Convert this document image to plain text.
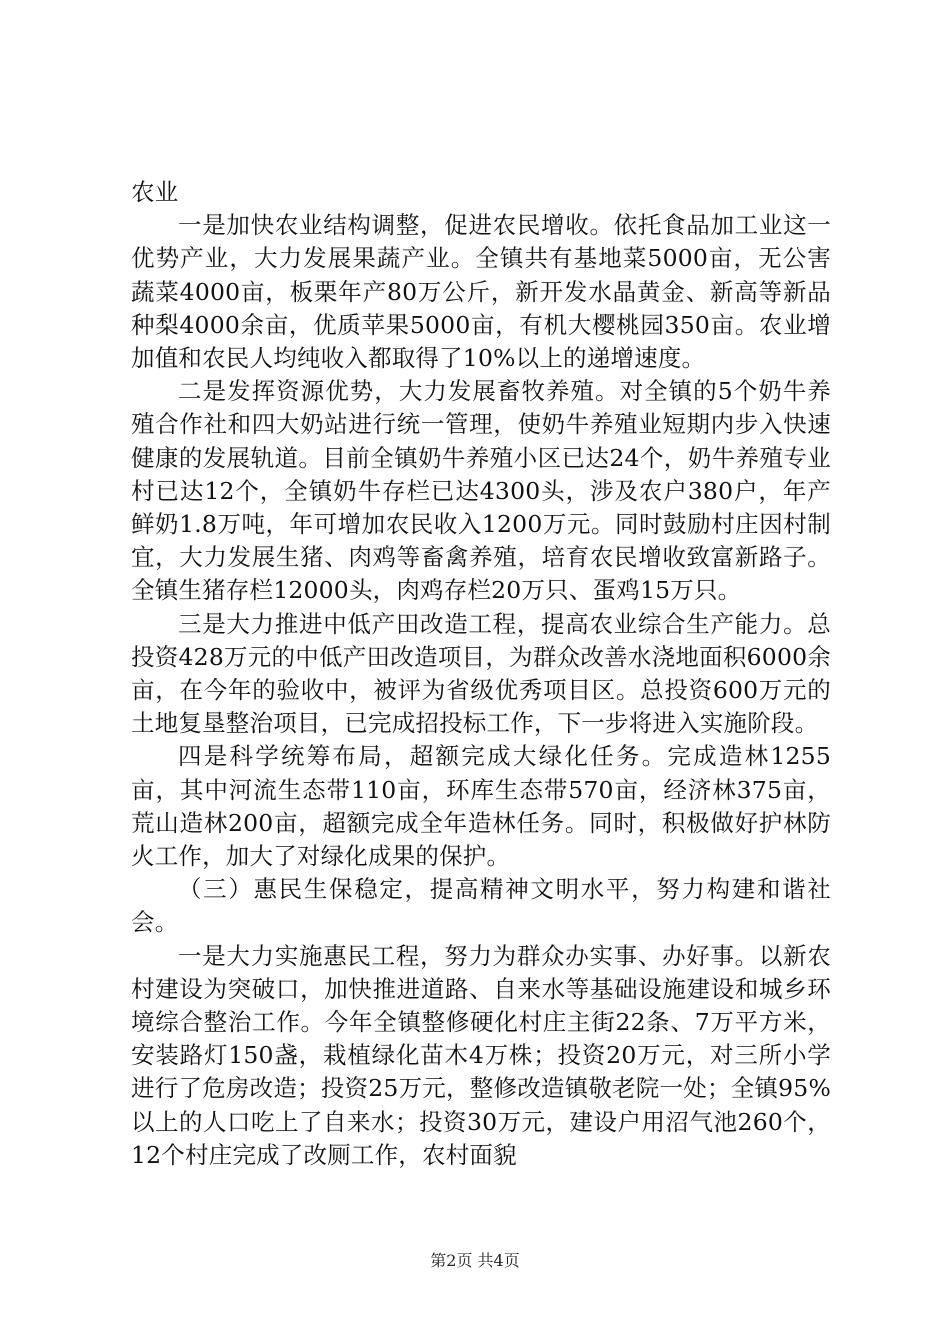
农业

一是加快农业结构调整，促进农民增收。依托食品加工业这一优势产业，大力发展果蔬产业。全镇共有基地菜5000亩，无公害蔬菜4000亩，板栗年产80万公斤，新开发水晶黄金、新高等新品种梨4000余亩，优质苹果5000亩，有机大樱桃园350亩。农业增加值和农民人均纯收入都取得了10%以上的递增速度。

二是发挥资源优势，大力发展畜牧养殖。对全镇的5个奶牛养殖合作社和四大奶站进行统一管理，使奶牛养殖业短期内步入快速健康的发展轨道。目前全镇奶牛养殖小区已达24个，奶牛养殖专业村已达12个，全镇奶牛存栏已达4300头，涉及农户380户，年产鲜奶1.8万吨，年可增加农民收入1200万元。同时鼓励村庄因村制宜，大力发展生猪、肉鸡等畜禽养殖，培育农民增收致富新路子。全镇生猪存栏12000头，肉鸡存栏20万只、蛋鸡15万只。

三是大力推进中低产田改造工程，提高农业综合生产能力。总投资428万元的中低产田改造项目，为群众改善水浇地面积6000余亩，在今年的验收中，被评为省级优秀项目区。总投资600万元的土地复垦整治项目，已完成招投标工作，下一步将进入实施阶段。

四是科学统筹布局，超额完成大绿化任务。完成造林1255亩，其中河流生态带110亩，环库生态带570亩，经济林375亩，荒山造林200亩，超额完成全年造林任务。同时，积极做好护林防火工作，加大了对绿化成果的保护。

（三）惠民生保稳定，提高精神文明水平，努力构建和谐社会。

一是大力实施惠民工程，努力为群众办实事、办好事。以新农村建设为突破口，加快推进道路、自来水等基础设施建设和城乡环境综合整治工作。今年全镇整修硬化村庄主街22条、7万平方米，安装路灯150盏，栽植绿化苗木4万株；投资20万元，对三所小学进行了危房改造；投资25万元，整修改造镇敬老院一处；全镇95%以上的人口吃上了自来水；投资30万元，建设户用沼气池260个，12个村庄完成了改厕工作，农村面貌

第2页 共4页
